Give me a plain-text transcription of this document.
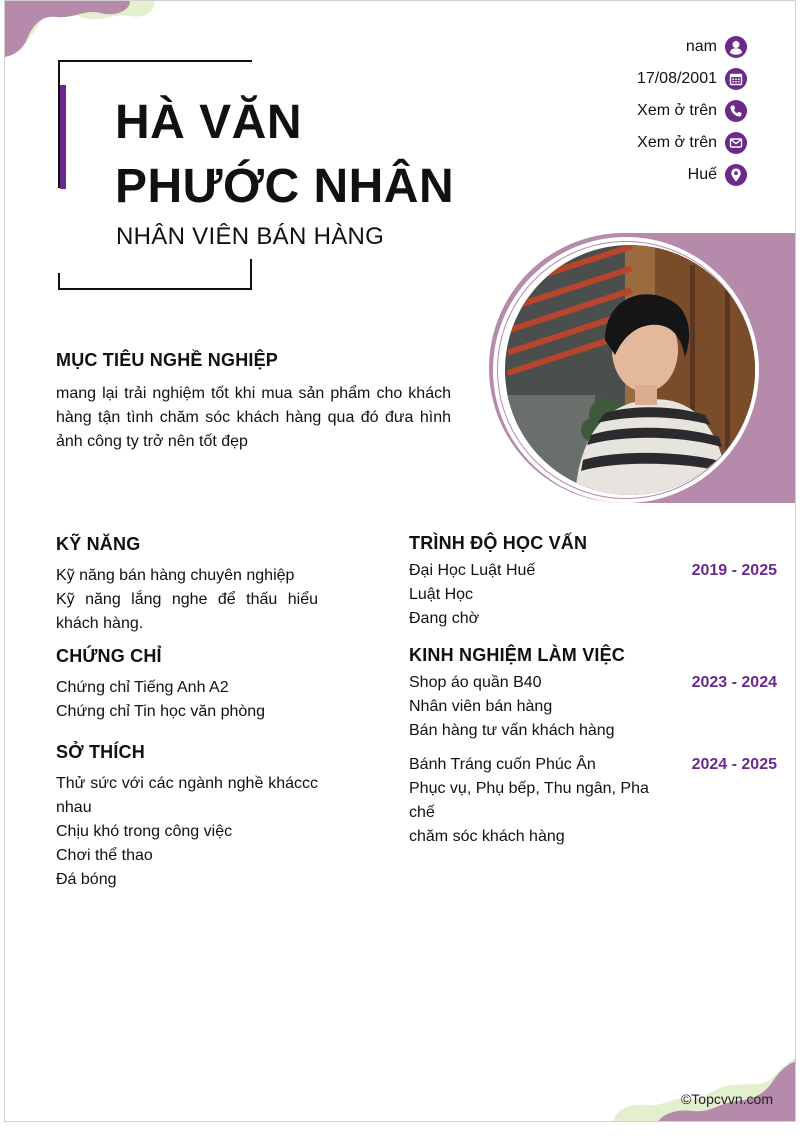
HÀ VĂN
PHƯỚC NHÂN
NHÂN VIÊN BÁN HÀNG
nam
17/08/2001
Xem ở trên
Xem ở trên
Huế
MỤC TIÊU NGHỀ NGHIỆP
mang lại trải nghiệm tốt khi mua sản phẩm cho khách hàng tận tình chăm sóc khách hàng qua đó đưa hình ảnh công ty trở nên tốt đẹp
KỸ NĂNG

Kỹ năng bán hàng chuyên nghiệp

Kỹ năng lắng nghe để thấu hiểu khách hàng.

CHỨNG CHỈ

Chứng chỉ Tiếng Anh A2

Chứng chỉ Tin học văn phòng

SỞ THÍCH

Thử sức với các ngành nghề kháccc nhau

Chịu khó trong công việc

Chơi thể thao

Đá bóng

TRÌNH ĐỘ HỌC VẤN
Đại Học Luật Huế	2019 - 2025
Luật Học
Đang chờ
KINH NGHIỆM LÀM VIỆC
Shop áo quần B40	2023 - 2024
Nhân viên bán hàng
Bán hàng tư vấn khách hàng
Bánh Tráng cuốn Phúc Ân	2024 - 2025
Phục vụ, Phụ bếp, Thu ngân, Pha chế
chăm sóc khách hàng
©Topcvvn.com
